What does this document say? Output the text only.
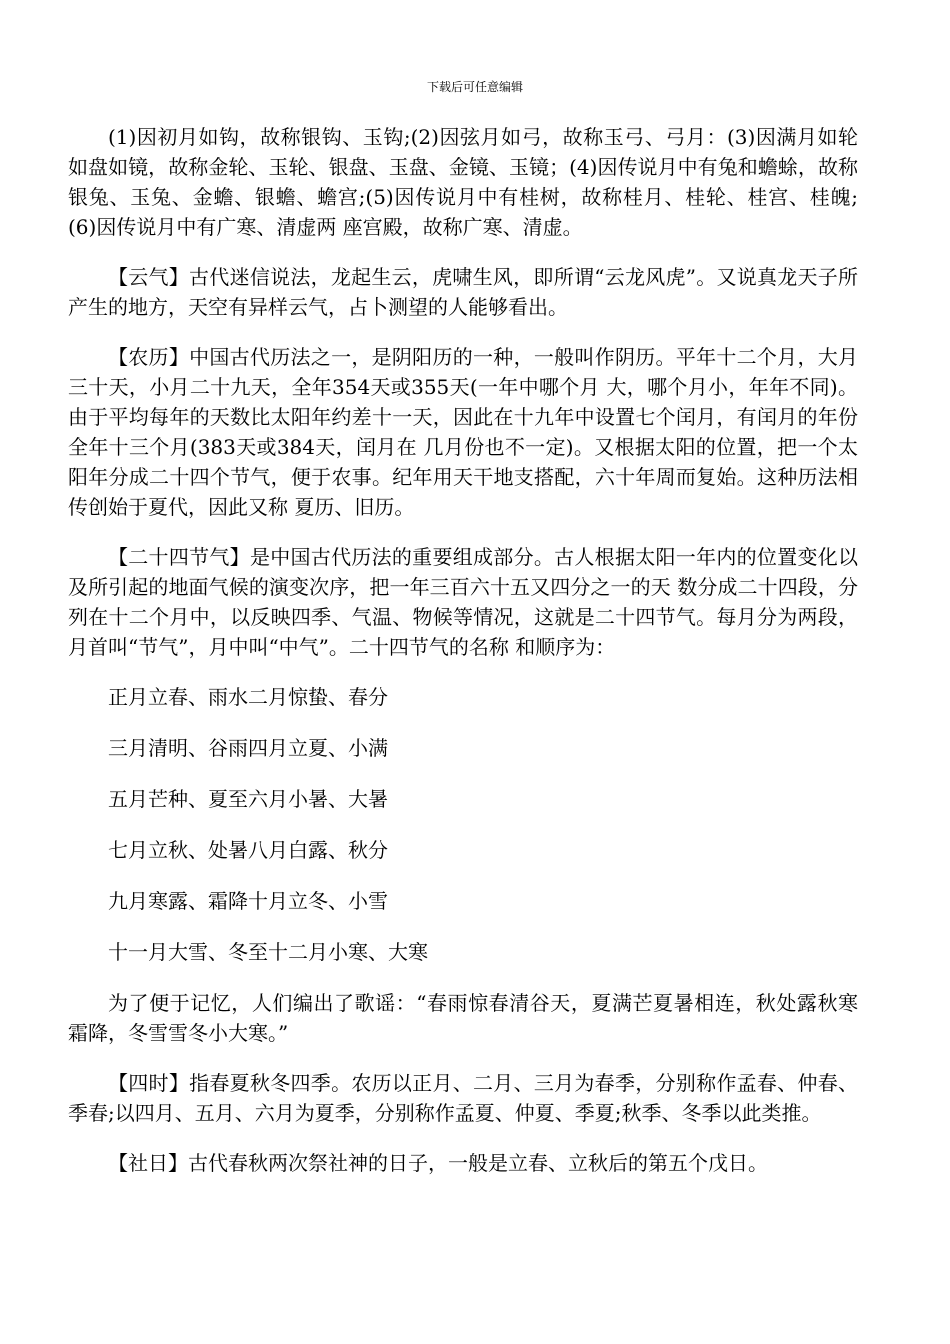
下载后可任意编辑

(1)因初月如钩，故称银钩、玉钩;(2)因弦月如弓，故称玉弓、弓月：(3)因满月如轮如盘如镜，故称金轮、玉轮、银盘、玉盘、金镜、玉镜；(4)因传说月中有兔和蟾蜍，故称银兔、玉兔、金蟾、银蟾、蟾宫;(5)因传说月中有桂树，故称桂月、桂轮、桂宫、桂魄;(6)因传说月中有广寒、清虚两 座宫殿，故称广寒、清虚。

【云气】古代迷信说法，龙起生云，虎啸生风，即所谓“云龙风虎”。又说真龙天子所产生的地方，天空有异样云气，占卜测望的人能够看出。

【农历】中国古代历法之一，是阴阳历的一种，一般叫作阴历。平年十二个月，大月三十天，小月二十九天，全年354天或355天(一年中哪个月 大，哪个月小，年年不同)。由于平均每年的天数比太阳年约差十一天，因此在十九年中设置七个闰月，有闰月的年份全年十三个月(383天或384天，闰月在 几月份也不一定)。又根据太阳的位置，把一个太阳年分成二十四个节气，便于农事。纪年用天干地支搭配，六十年周而复始。这种历法相传创始于夏代，因此又称 夏历、旧历。

【二十四节气】是中国古代历法的重要组成部分。古人根据太阳一年内的位置变化以及所引起的地面气候的演变次序，把一年三百六十五又四分之一的天 数分成二十四段，分列在十二个月中，以反映四季、气温、物候等情况，这就是二十四节气。每月分为两段，月首叫“节气”，月中叫“中气”。二十四节气的名称 和顺序为：

正月立春、雨水二月惊蛰、春分

三月清明、谷雨四月立夏、小满

五月芒种、夏至六月小暑、大暑

七月立秋、处暑八月白露、秋分

九月寒露、霜降十月立冬、小雪

十一月大雪、冬至十二月小寒、大寒

为了便于记忆，人们编出了歌谣：“春雨惊春清谷天，夏满芒夏暑相连，秋处露秋寒霜降，冬雪雪冬小大寒。”

【四时】指春夏秋冬四季。农历以正月、二月、三月为春季，分别称作孟春、仲春、季春;以四月、五月、六月为夏季，分别称作孟夏、仲夏、季夏;秋季、冬季以此类推。

【社日】古代春秋两次祭社神的日子，一般是立春、立秋后的第五个戊日。
